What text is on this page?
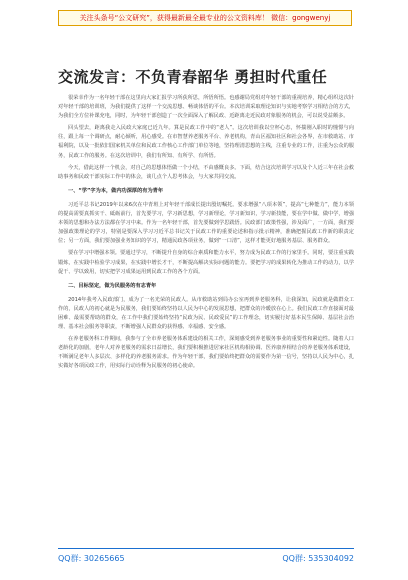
关注头条号“公文研究”，获得最新最全最专业的公文资料库！ 微信：gongwenyj
交流发言：不负青春韶华 勇担时代重任

很荣幸作为一名年轻干部在这里向大家汇报学习所获所思，所悟所悟。也感谢局党组对年轻干部的重视培养，精心组织这次针对年轻干部的培训班，为我们提供了这样一个交流思想、畅谈体悟的平台。本次培训采取理论知识与实地考察学习相结合的方式，为我们全方位补课充电，同时，为年轻干部创造了一次全面深入了解民政、近距离走近民政对象服务的机会，可以说受益颇多。

回头望去，距离我走入民政大家庭已近九年。算是民政工作中的“老人”。这次培训我以空杯心态，怀揣刚入职时的憧憬与向往，跟上每一个调研点，耐心倾听，用心感受。在市智慧养老服务平台、养老机构，青山区福知社区和社会各界，在市救助站、市福利院，以及一批依旧国家机关单位和民政工作核心工作部门单位等地，坚持理清思想的主线，注重专业的工作，注重为公众的服务，民政工作的服务。在这次培训中，我们有所知、有所学、有所悟。

今天，借此这样一个机会，对自己的思想体悟做一个小结，不由感慨良多。下面，结合这次培训学习以及个人近三年在社会救助事务和民政干部实际工作中的体会，谈几点个人思考体会，与大家共同交流。

一、“学”字为本，做内功深厚的有为青年

习近平总书记2019年以来6次在中青班上对年轻干部成长提出殷切嘱托。要求增强“八项本领”，提高“七种能力”，能力本领的提高需要真抓实干、砥砺前行，首先要学习，学习新思想，学习新理论，学习新知识，学习新技能，要在学中做、做中学，增强本领的思想和办法方法都在学习中来。作为一名年轻干部，首先要做到学思践悟。民政部门政策性强，涉及面广，一方面，我们要加强政策理论的学习，特别是要深入学习习近平总书记关于民政工作的重要论述和指示批示精神，准确把握民政工作新的职责定位；另一方面，我们要加强业务知识的学习，精通民政各项业务，做到“一口清”，这样才能更好地服务基层、服务群众。

要在学习中增强本领。要通过学习，不断提升自身的综合素质和能力水平，努力成为民政工作的行家里手。同时，要注重实践锻炼，在实践中检验学习成果，在实践中增长才干，不断提高解决实际问题的能力。要把学习的成果转化为推动工作的动力，以学促干、学以致用，切实把学习成果运用到民政工作的各个方面。

二、目标坚定，做为民服务的有志青年

2014年我考入民政部门，成为了一名光荣的民政人。从市救助站到局办公室再到养老服务科，让我深知，民政就是做群众工作的，民政人的初心就是为民服务，我们要始终坚持以人民为中心的发展思想，把群众的冷暖放在心上。我们民政工作直接面对最困难、最需要帮助的群众，在工作中我们要始终坚持“民政为民、民政爱民”的工作理念，切实履行好基本民生保障、基层社会治理、基本社会服务等职责，不断增强人民群众的获得感、幸福感、安全感。

在养老服务科工作期间，我参与了全市养老服务体系建设的相关工作，深刻感受到养老服务事业的重要性和紧迫性。随着人口老龄化的加剧，老年人对养老服务的需求日益增长，我们要积极推进居家社区机构相协调、医养康养相结合的养老服务体系建设，不断满足老年人多层次、多样化的养老服务需求。作为年轻干部，我们要始终把群众的需要作为第一信号，坚持以人民为中心，扎实做好各项民政工作，用实际行动诠释为民服务的初心使命。

QQ群: 30265665	QQ群: 535304092
